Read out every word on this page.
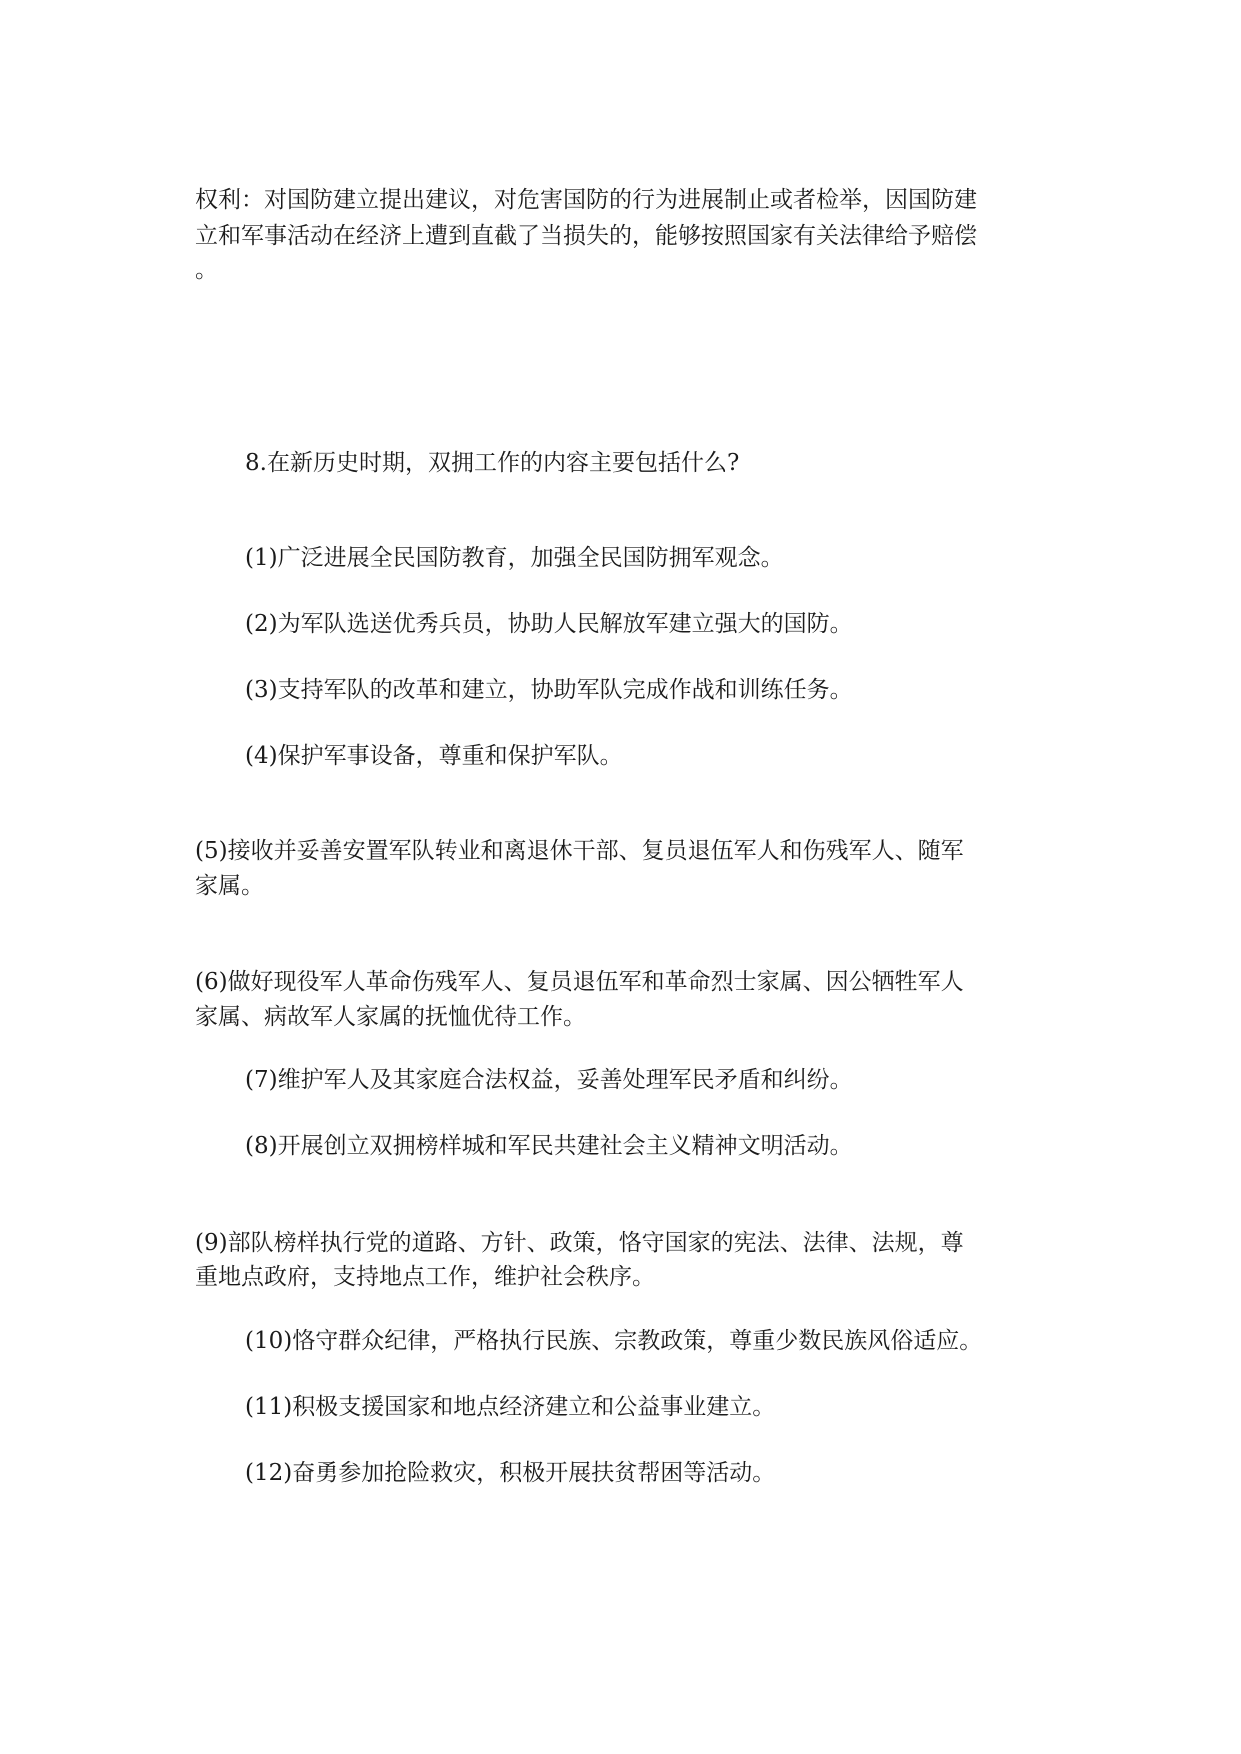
权利：对国防建立提出建议，对危害国防的行为进展制止或者检举，因国防建

立和军事活动在经济上遭到直截了当损失的，能够按照国家有关法律给予赔偿

。

8.在新历史时期，双拥工作的内容主要包括什么?

(1)广泛进展全民国防教育，加强全民国防拥军观念。

(2)为军队选送优秀兵员，协助人民解放军建立强大的国防。

(3)支持军队的改革和建立，协助军队完成作战和训练任务。

(4)保护军事设备，尊重和保护军队。

(5)接收并妥善安置军队转业和离退休干部、复员退伍军人和伤残军人、随军

家属。

(6)做好现役军人革命伤残军人、复员退伍军和革命烈士家属、因公牺牲军人

家属、病故军人家属的抚恤优待工作。

(7)维护军人及其家庭合法权益，妥善处理军民矛盾和纠纷。

(8)开展创立双拥榜样城和军民共建社会主义精神文明活动。

(9)部队榜样执行党的道路、方针、政策，恪守国家的宪法、法律、法规，尊

重地点政府，支持地点工作，维护社会秩序。

(10)恪守群众纪律，严格执行民族、宗教政策，尊重少数民族风俗适应。

(11)积极支援国家和地点经济建立和公益事业建立。

(12)奋勇参加抢险救灾，积极开展扶贫帮困等活动。
